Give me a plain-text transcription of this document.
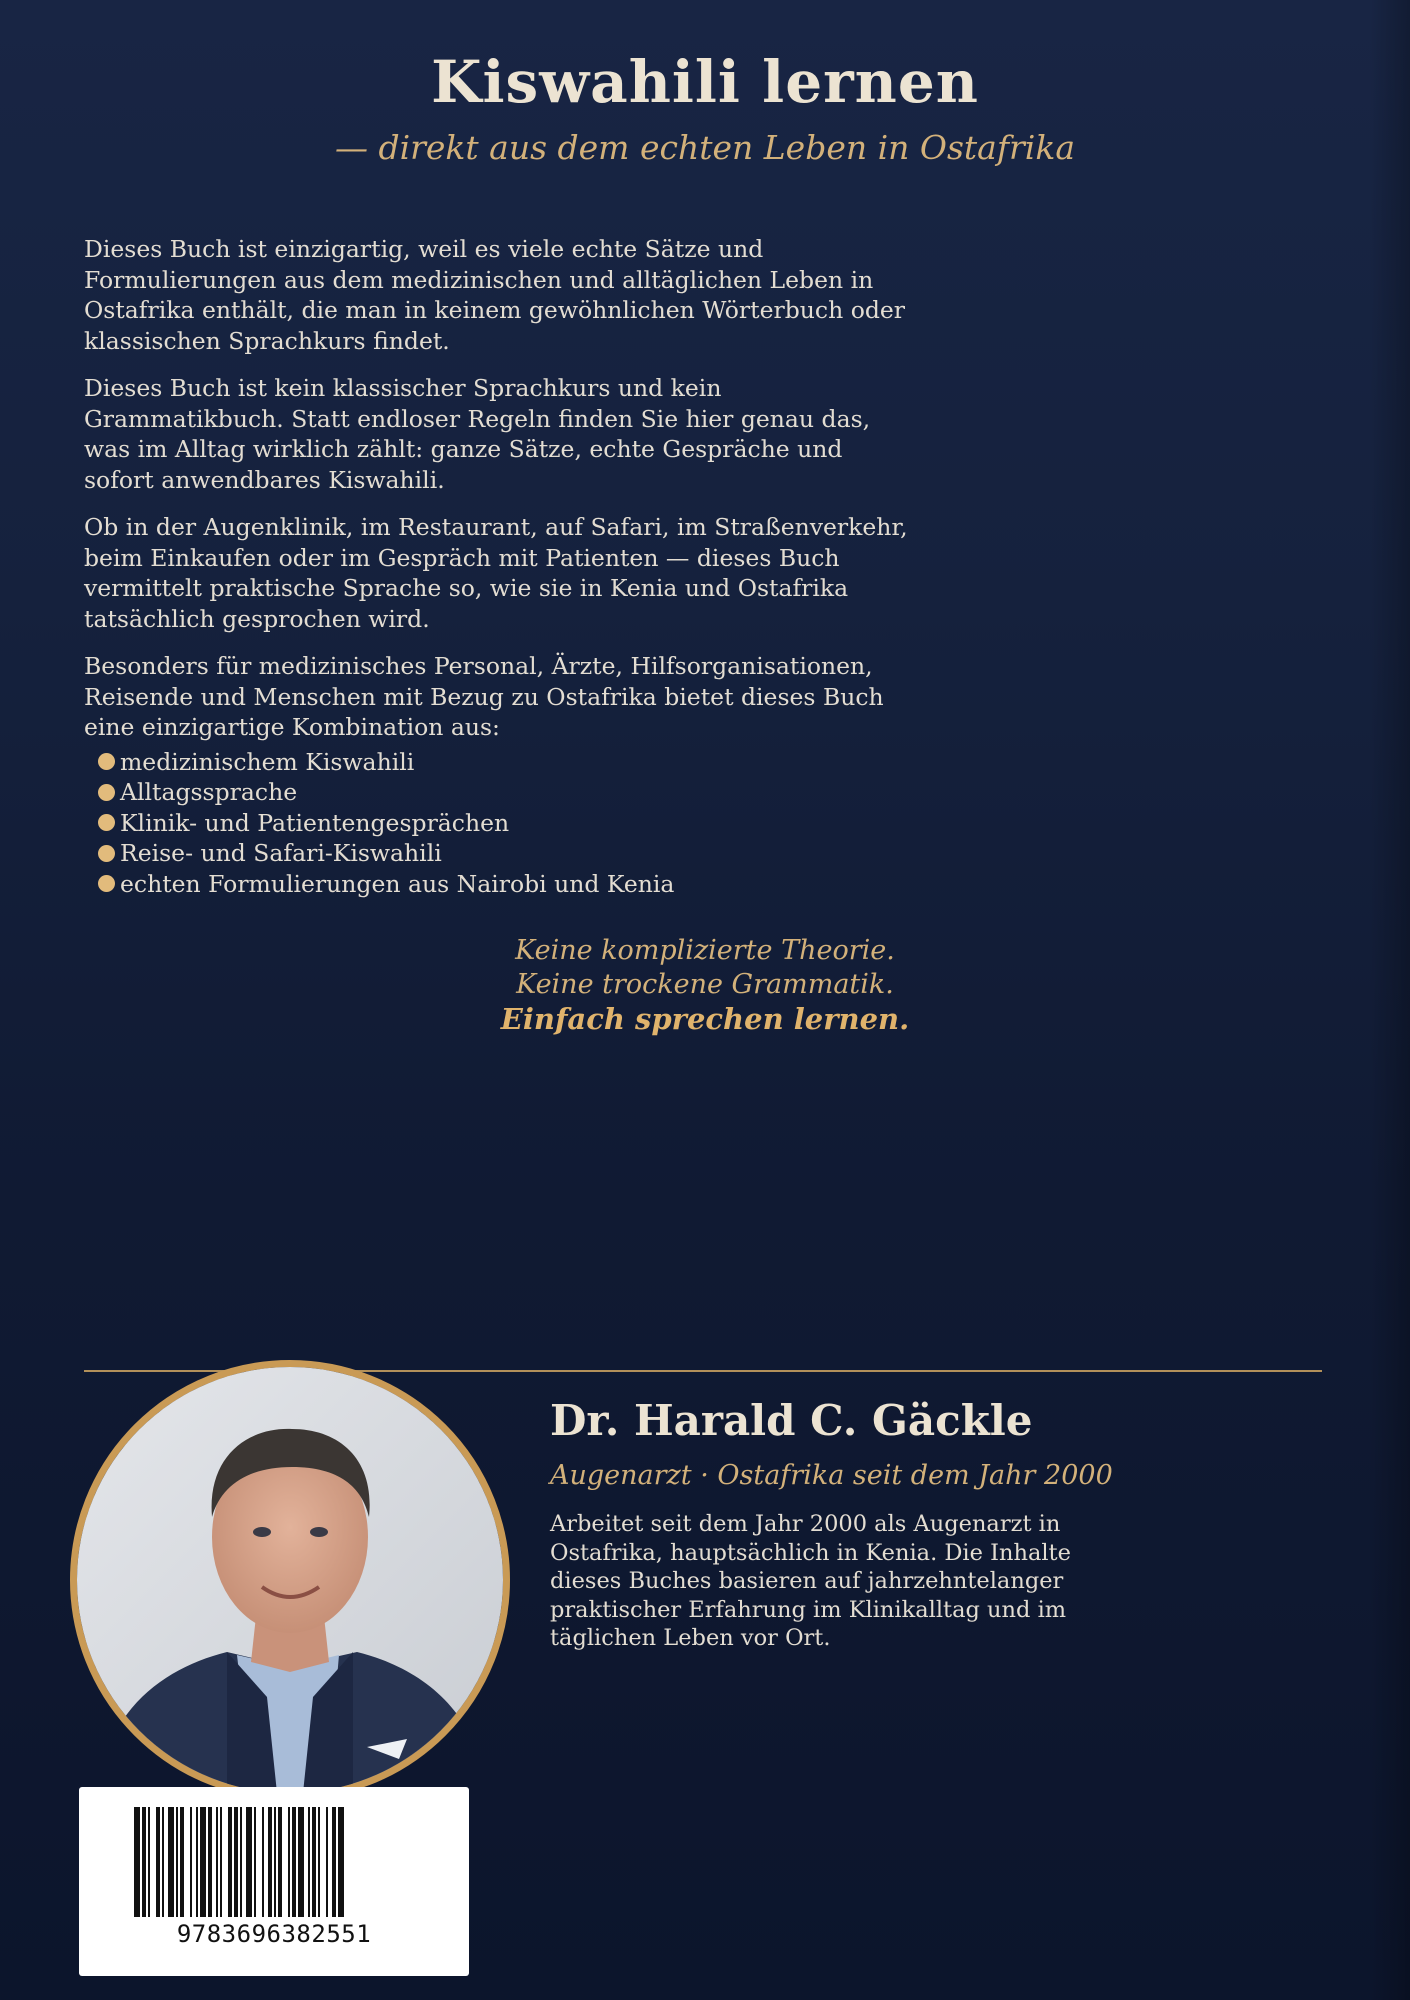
Kiswahili lernen
— direkt aus dem echten Leben in Ostafrika

Dieses Buch ist einzigartig, weil es viele echte Sätze und Formulierungen aus dem medizinischen und alltäglichen Leben in Ostafrika enthält, die man in keinem gewöhnlichen Wörterbuch oder klassischen Sprachkurs findet.

Dieses Buch ist kein klassischer Sprachkurs und kein Grammatikbuch. Statt endloser Regeln finden Sie hier genau das, was im Alltag wirklich zählt: ganze Sätze, echte Gespräche und sofort anwendbares Kiswahili.

Ob in der Augenklinik, im Restaurant, auf Safari, im Straßenverkehr, beim Einkaufen oder im Gespräch mit Patienten — dieses Buch vermittelt praktische Sprache so, wie sie in Kenia und Ostafrika tatsächlich gesprochen wird.

Besonders für medizinisches Personal, Ärzte, Hilfsorganisationen, Reisende und Menschen mit Bezug zu Ostafrika bietet dieses Buch eine einzigartige Kombination aus:

medizinischem Kiswahili
Alltagssprache
Klinik- und Patientengesprächen
Reise- und Safari-Kiswahili
echten Formulierungen aus Nairobi und Kenia
Keine komplizierte Theorie.
Keine trockene Grammatik.
Einfach sprechen lernen.
Dr. Harald C. Gäckle
Augenarzt · Ostafrika seit dem Jahr 2000
Arbeitet seit dem Jahr 2000 als Augenarzt in Ostafrika, hauptsächlich in Kenia. Die Inhalte dieses Buches basieren auf jahrzehntelanger praktischer Erfahrung im Klinikalltag und im täglichen Leben vor Ort.
9783696382551
